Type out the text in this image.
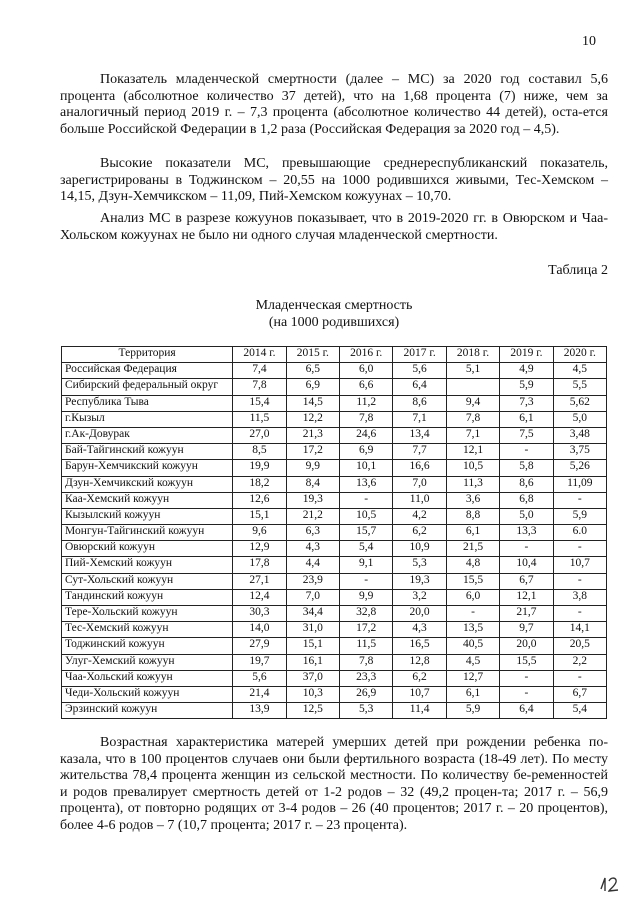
10

Показатель младенческой смертности (далее – МС) за 2020 год составил 5,6 процента (абсолютное количество 37 детей), что на 1,68 процента (7) ниже, чем за аналогичный период 2019 г. – 7,3 процента (абсолютное количество 44 детей), оста-ется больше Российской Федерации в 1,2 раза (Российская Федерация за 2020 год – 4,5).

Высокие показатели МС, превышающие среднереспубликанский показатель, зарегистрированы в Тоджинском – 20,55 на 1000 родившихся живыми, Тес-Хемском – 14,15, Дзун-Хемчикском – 11,09, Пий-Хемском кожуунах – 10,70.

Анализ МС в разрезе кожуунов показывает, что в 2019-2020 гг. в Овюрском и Чаа-Хольском кожуунах не было ни одного случая младенческой смертности.

Таблица 2
Младенческая смертность
(на 1000 родившихся)
Территория	2014 г.	2015 г.	2016 г.	2017 г.	2018 г.	2019 г.	2020 г.
Российская Федерация	7,4	6,5	6,0	5,6	5,1	4,9	4,5
Сибирский федеральный округ	7,8	6,9	6,6	6,4		5,9	5,5
Республика Тыва	15,4	14,5	11,2	8,6	9,4	7,3	5,62
г.Кызыл	11,5	12,2	7,8	7,1	7,8	6,1	5,0
г.Ак-Довурак	27,0	21,3	24,6	13,4	7,1	7,5	3,48
Бай-Тайгинский кожуун	8,5	17,2	6,9	7,7	12,1	-	3,75
Барун-Хемчикский кожуун	19,9	9,9	10,1	16,6	10,5	5,8	5,26
Дзун-Хемчикский кожуун	18,2	8,4	13,6	7,0	11,3	8,6	11,09
Каа-Хемский кожуун	12,6	19,3	-	11,0	3,6	6,8	-
Кызылский кожуун	15,1	21,2	10,5	4,2	8,8	5,0	5,9
Монгун-Тайгинский кожуун	9,6	6,3	15,7	6,2	6,1	13,3	6.0
Овюрский кожуун	12,9	4,3	5,4	10,9	21,5	-	-
Пий-Хемский кожуун	17,8	4,4	9,1	5,3	4,8	10,4	10,7
Сут-Хольский кожуун	27,1	23,9	-	19,3	15,5	6,7	-
Тандинский кожуун	12,4	7,0	9,9	3,2	6,0	12,1	3,8
Тере-Хольский кожуун	30,3	34,4	32,8	20,0	-	21,7	-
Тес-Хемский кожуун	14,0	31,0	17,2	4,3	13,5	9,7	14,1
Тоджинский кожуун	27,9	15,1	11,5	16,5	40,5	20,0	20,5
Улуг-Хемский кожуун	19,7	16,1	7,8	12,8	4,5	15,5	2,2
Чаа-Хольский кожуун	5,6	37,0	23,3	6,2	12,7	-	-
Чеди-Хольский кожуун	21,4	10,3	26,9	10,7	6,1	-	6,7
Эрзинский кожуун	13,9	12,5	5,3	11,4	5,9	6,4	5,4

Возрастная характеристика матерей умерших детей при рождении ребенка по-казала, что в 100 процентов случаев они были фертильного возраста (18-49 лет). По месту жительства 78,4 процента женщин из сельской местности. По количеству бе-ременностей и родов превалирует смертность детей от 1-2 родов – 32 (49,2 процен-та; 2017 г. – 56,9 процента), от повторно родящих от 3-4 родов – 26 (40 процентов; 2017 г. – 20 процентов), более 4-6 родов – 7 (10,7 процента; 2017 г. – 23 процента).
